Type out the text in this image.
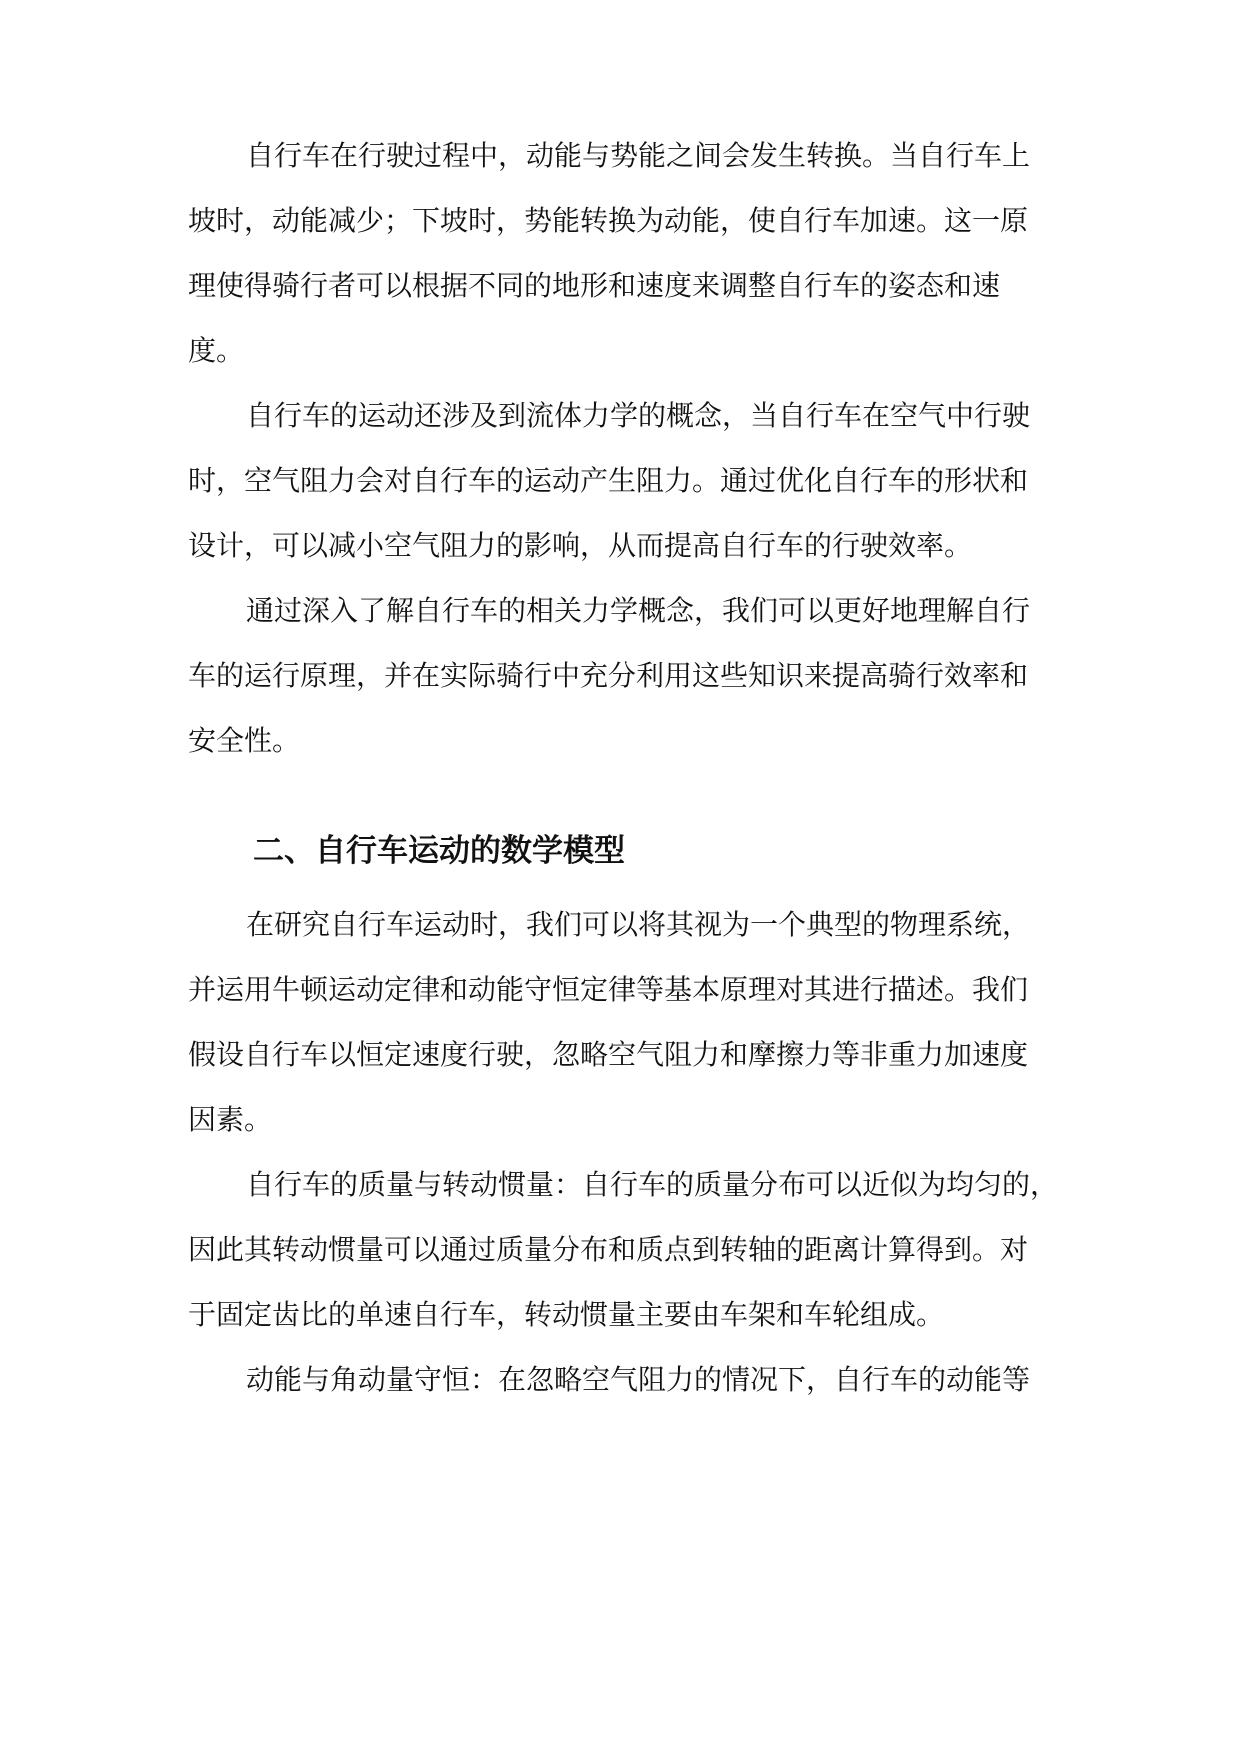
自行车在行驶过程中，动能与势能之间会发生转换。当自行车上
坡时，动能减少；下坡时，势能转换为动能，使自行车加速。这一原
理使得骑行者可以根据不同的地形和速度来调整自行车的姿态和速
度。
自行车的运动还涉及到流体力学的概念，当自行车在空气中行驶
时，空气阻力会对自行车的运动产生阻力。通过优化自行车的形状和
设计，可以减小空气阻力的影响，从而提高自行车的行驶效率。
通过深入了解自行车的相关力学概念，我们可以更好地理解自行
车的运行原理，并在实际骑行中充分利用这些知识来提高骑行效率和
安全性。
二、自行车运动的数学模型
在研究自行车运动时，我们可以将其视为一个典型的物理系统，
并运用牛顿运动定律和动能守恒定律等基本原理对其进行描述。我们
假设自行车以恒定速度行驶，忽略空气阻力和摩擦力等非重力加速度
因素。
自行车的质量与转动惯量：自行车的质量分布可以近似为均匀的，
因此其转动惯量可以通过质量分布和质点到转轴的距离计算得到。对
于固定齿比的单速自行车，转动惯量主要由车架和车轮组成。
动能与角动量守恒：在忽略空气阻力的情况下，自行车的动能等
